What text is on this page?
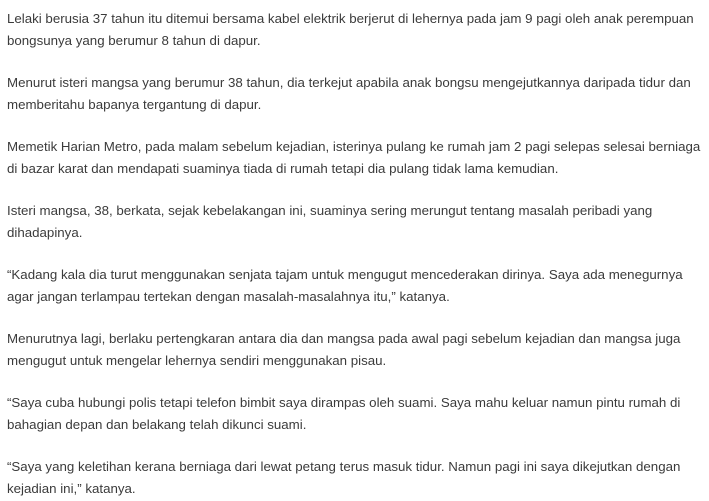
Lelaki berusia 37 tahun itu ditemui bersama kabel elektrik berjerut di lehernya pada jam 9 pagi oleh anak perempuan bongsunya yang berumur 8 tahun di dapur.

Menurut isteri mangsa yang berumur 38 tahun, dia terkejut apabila anak bongsu mengejutkannya daripada tidur dan memberitahu bapanya tergantung di dapur.

Memetik Harian Metro, pada malam sebelum kejadian, isterinya pulang ke rumah jam 2 pagi selepas selesai berniaga di bazar karat dan mendapati suaminya tiada di rumah tetapi dia pulang tidak lama kemudian.

Isteri mangsa, 38, berkata, sejak kebelakangan ini, suaminya sering merungut tentang masalah peribadi yang dihadapinya.

“Kadang kala dia turut menggunakan senjata tajam untuk mengugut mencederakan dirinya. Saya ada menegurnya agar jangan terlampau tertekan dengan masalah-masalahnya itu,” katanya.

Menurutnya lagi, berlaku pertengkaran antara dia dan mangsa pada awal pagi sebelum kejadian dan mangsa juga mengugut untuk mengelar lehernya sendiri menggunakan pisau.

“Saya cuba hubungi polis tetapi telefon bimbit saya dirampas oleh suami. Saya mahu keluar namun pintu rumah di bahagian depan dan belakang telah dikunci suami.

“Saya yang keletihan kerana berniaga dari lewat petang terus masuk tidur. Namun pagi ini saya dikejutkan dengan kejadian ini,” katanya.
